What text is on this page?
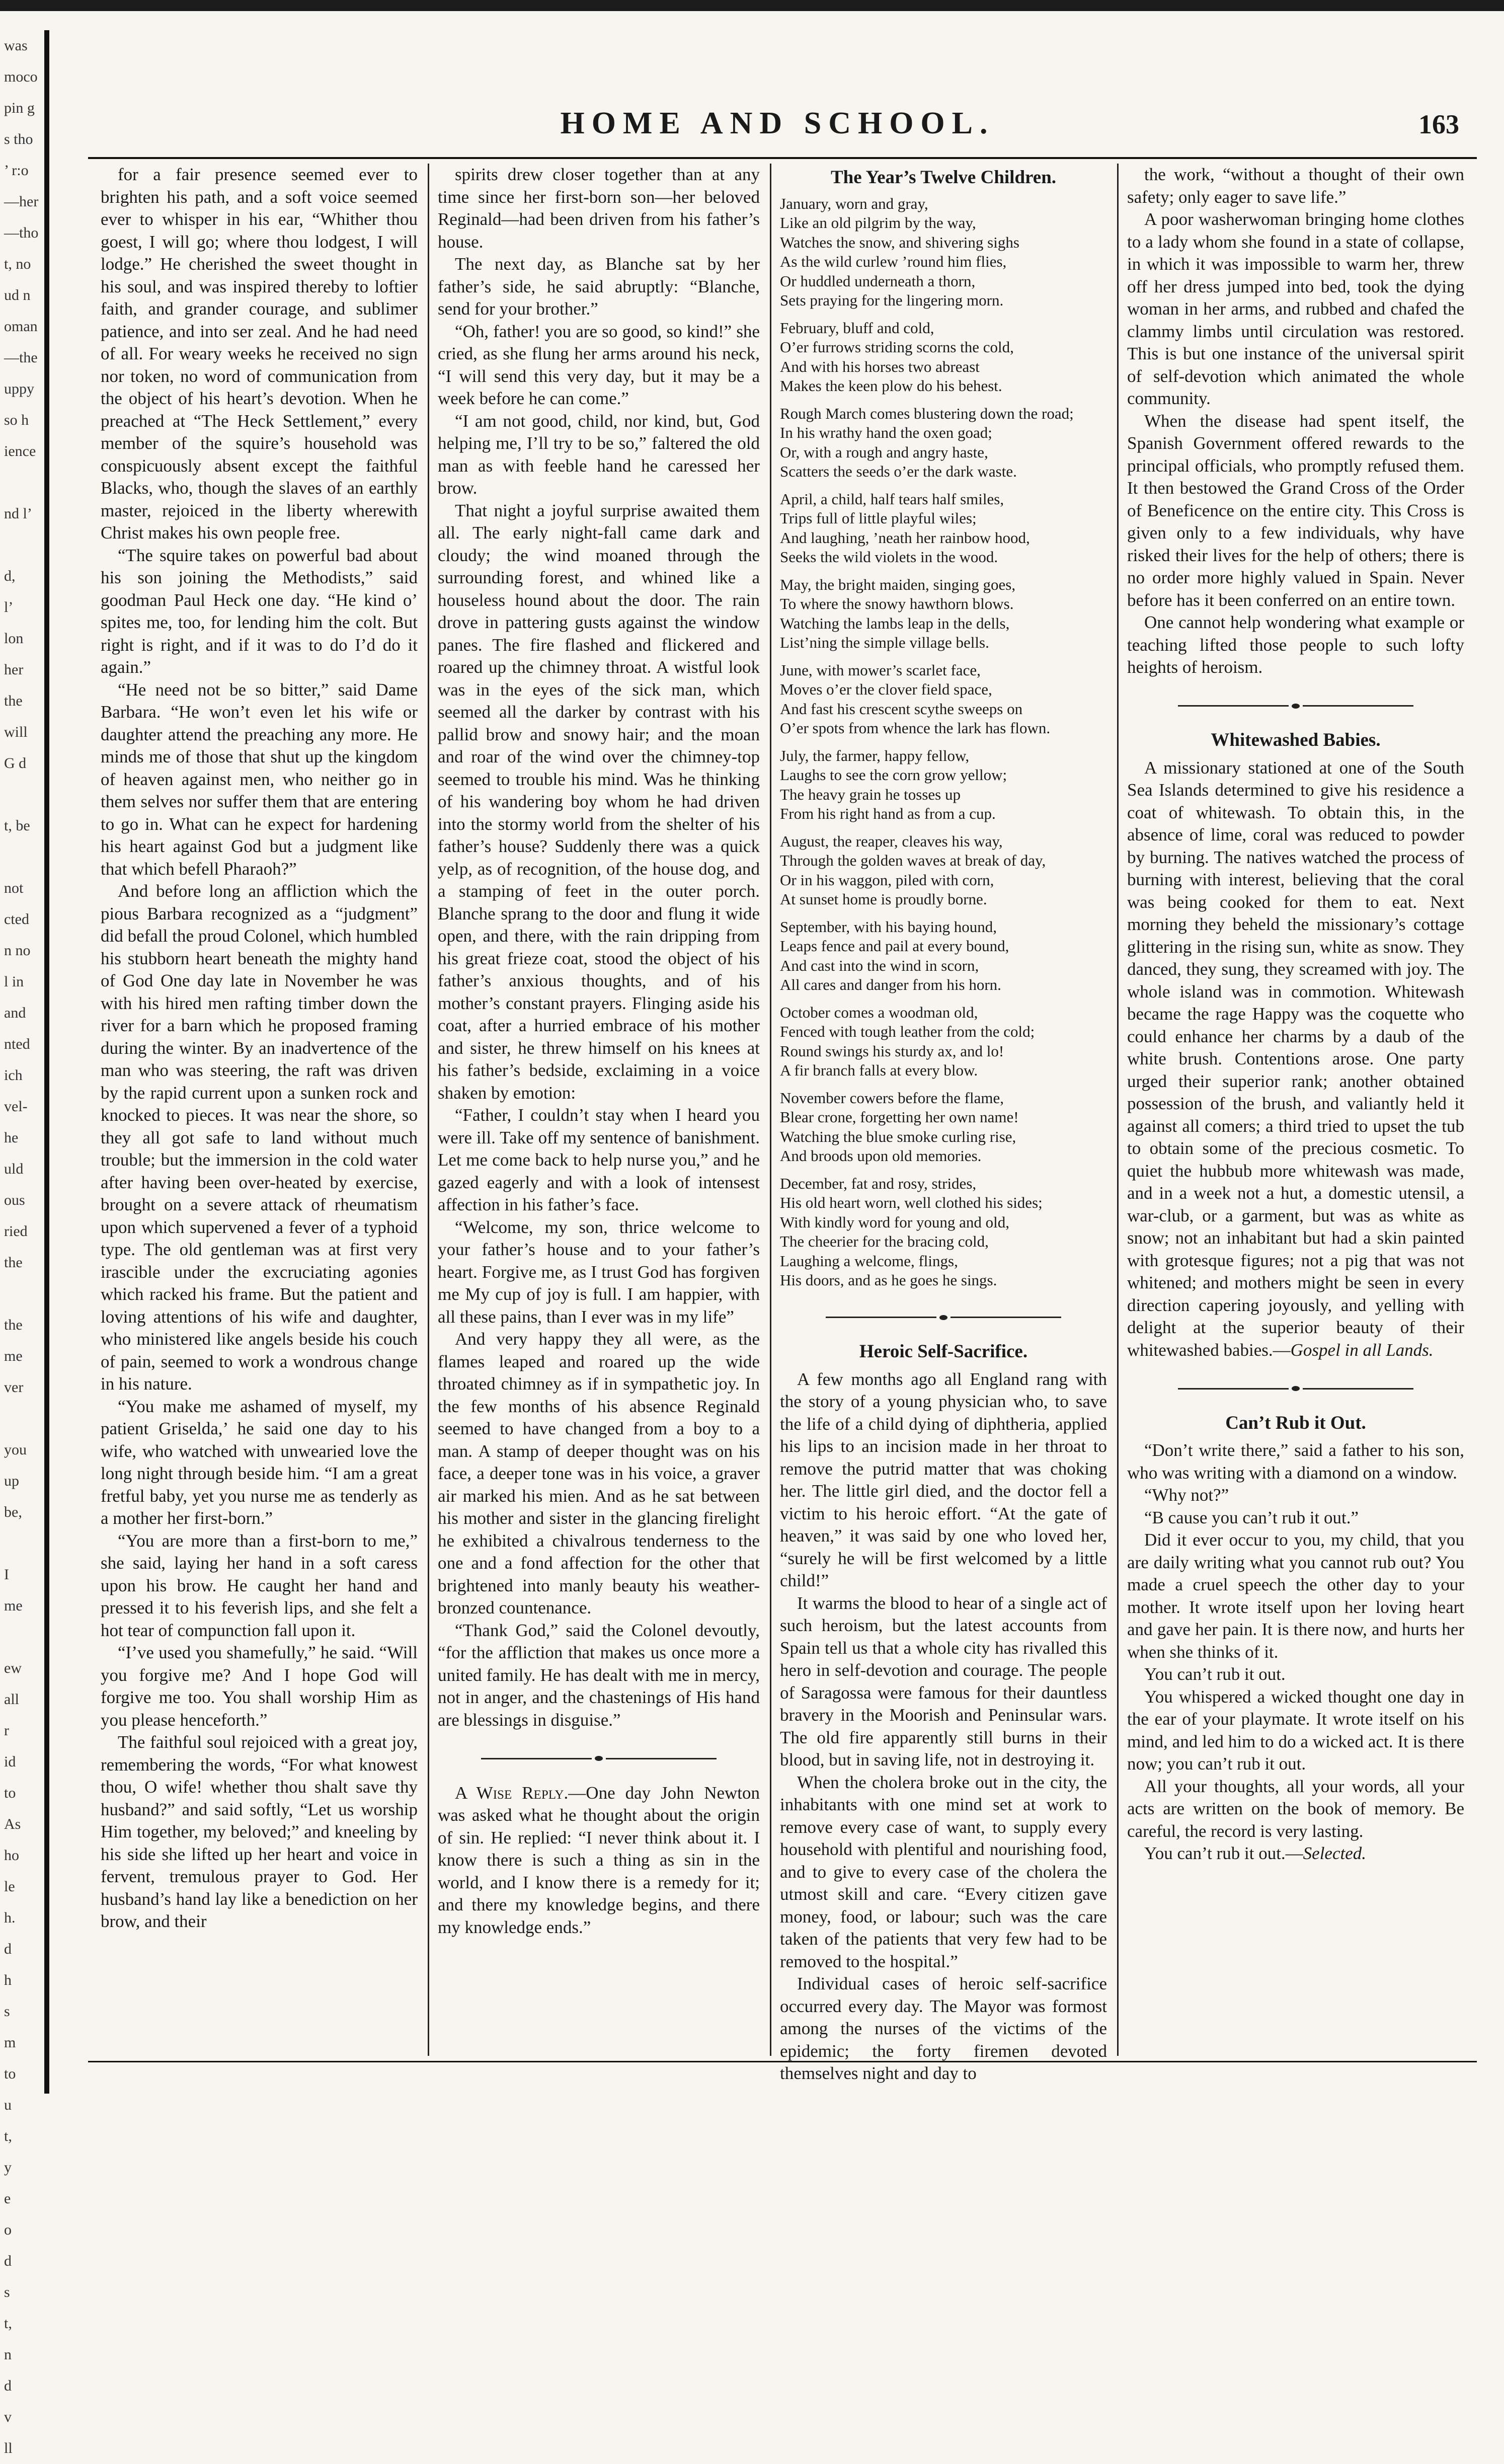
was
moco
pin g
s tho
’ r:o
—her
—tho
t, no
ud n
oman
—the
uppy
so h
ience

nd l’

d,
l’
lon
her
the
will
G d

t, be

not
cted
n no
l in
and
nted
ich
vel-
he
uld
ous
ried
the

the
me
ver

you
up
be,

I
me

ew
all
r
id
to
As
ho
le
h.
d
h
s
m
to
u
t,
y
e
o
d
s
t,
n
d
v
ll
HOME AND SCHOOL.	163

for a fair presence seemed ever to brighten his path, and a soft voice seemed ever to whisper in his ear, “Whither thou goest, I will go; where thou lodgest, I will lodge.” He cherished the sweet thought in his soul, and was inspired thereby to loftier faith, and grander courage, and sublimer patience, and into ser zeal. And he had need of all. For weary weeks he received no sign nor token, no word of communication from the object of his heart’s devotion. When he preached at “The Heck Settlement,” every member of the squire’s household was conspicuously absent except the faithful Blacks, who, though the slaves of an earthly master, rejoiced in the liberty wherewith Christ makes his own people free.

“The squire takes on powerful bad about his son joining the Methodists,” said goodman Paul Heck one day. “He kind o’ spites me, too, for lending him the colt. But right is right, and if it was to do I’d do it again.”

“He need not be so bitter,” said Dame Barbara. “He won’t even let his wife or daughter attend the preaching any more. He minds me of those that shut up the kingdom of heaven against men, who neither go in them selves nor suffer them that are entering to go in. What can he expect for hardening his heart against God but a judgment like that which befell Pharaoh?”

And before long an affliction which the pious Barbara recognized as a “judgment” did befall the proud Colonel, which humbled his stubborn heart beneath the mighty hand of God One day late in November he was with his hired men rafting timber down the river for a barn which he proposed framing during the winter. By an inadvertence of the man who was steering, the raft was driven by the rapid current upon a sunken rock and knocked to pieces. It was near the shore, so they all got safe to land without much trouble; but the immersion in the cold water after having been over-heated by exercise, brought on a severe attack of rheumatism upon which supervened a fever of a typhoid type. The old gentleman was at first very irascible under the excruciating agonies which racked his frame. But the patient and loving attentions of his wife and daughter, who ministered like angels beside his couch of pain, seemed to work a wondrous change in his nature.

“You make me ashamed of myself, my patient Griselda,’ he said one day to his wife, who watched with unwearied love the long night through beside him. “I am a great fretful baby, yet you nurse me as tenderly as a mother her first-born.”

“You are more than a first-born to me,” she said, laying her hand in a soft caress upon his brow. He caught her hand and pressed it to his feverish lips, and she felt a hot tear of compunction fall upon it.

“I’ve used you shamefully,” he said. “Will you forgive me? And I hope God will forgive me too. You shall worship Him as you please henceforth.”

The faithful soul rejoiced with a great joy, remembering the words, “For what knowest thou, O wife! whether thou shalt save thy husband?” and said softly, “Let us worship Him together, my beloved;” and kneeling by his side she lifted up her heart and voice in fervent, tremulous prayer to God. Her husband’s hand lay like a benediction on her brow, and their

spirits drew closer together than at any time since her first-born son—her beloved Reginald—had been driven from his father’s house.

The next day, as Blanche sat by her father’s side, he said abruptly: “Blanche, send for your brother.”

“Oh, father! you are so good, so kind!” she cried, as she flung her arms around his neck, “I will send this very day, but it may be a week before he can come.”

“I am not good, child, nor kind, but, God helping me, I’ll try to be so,” faltered the old man as with feeble hand he caressed her brow.

That night a joyful surprise awaited them all. The early night-fall came dark and cloudy; the wind moaned through the surrounding forest, and whined like a houseless hound about the door. The rain drove in pattering gusts against the window panes. The fire flashed and flickered and roared up the chimney throat. A wistful look was in the eyes of the sick man, which seemed all the darker by contrast with his pallid brow and snowy hair; and the moan and roar of the wind over the chimney-top seemed to trouble his mind. Was he thinking of his wandering boy whom he had driven into the stormy world from the shelter of his father’s house? Suddenly there was a quick yelp, as of recognition, of the house dog, and a stamping of feet in the outer porch. Blanche sprang to the door and flung it wide open, and there, with the rain dripping from his great frieze coat, stood the object of his father’s anxious thoughts, and of his mother’s constant prayers. Flinging aside his coat, after a hurried embrace of his mother and sister, he threw himself on his knees at his father’s bedside, exclaiming in a voice shaken by emotion:

“Father, I couldn’t stay when I heard you were ill. Take off my sentence of banishment. Let me come back to help nurse you,” and he gazed eagerly and with a look of intensest affection in his father’s face.

“Welcome, my son, thrice welcome to your father’s house and to your father’s heart. Forgive me, as I trust God has forgiven me My cup of joy is full. I am happier, with all these pains, than I ever was in my life”

And very happy they all were, as the flames leaped and roared up the wide throated chimney as if in sympathetic joy. In the few months of his absence Reginald seemed to have changed from a boy to a man. A stamp of deeper thought was on his face, a deeper tone was in his voice, a graver air marked his mien. And as he sat between his mother and sister in the glancing firelight he exhibited a chivalrous tenderness to the one and a fond affection for the other that brightened into manly beauty his weather-bronzed countenance.

“Thank God,” said the Colonel devoutly, “for the affliction that makes us once more a united family. He has dealt with me in mercy, not in anger, and the chastenings of His hand are blessings in disguise.”

A Wise Reply.—One day John Newton was asked what he thought about the origin of sin. He replied: “I never think about it. I know there is such a thing as sin in the world, and I know there is a remedy for it; and there my knowledge begins, and there my knowledge ends.”

The Year’s Twelve Children.
January, worn and gray,
Like an old pilgrim by the way,
Watches the snow, and shivering sighs
As the wild curlew ’round him flies,
Or huddled underneath a thorn,
Sets praying for the lingering morn.
February, bluff and cold,
O’er furrows striding scorns the cold,
And with his horses two abreast
Makes the keen plow do his behest.
Rough March comes blustering down the road;
In his wrathy hand the oxen goad;
Or, with a rough and angry haste,
Scatters the seeds o’er the dark waste.
April, a child, half tears half smiles,
Trips full of little playful wiles;
And laughing, ’neath her rainbow hood,
Seeks the wild violets in the wood.
May, the bright maiden, singing goes,
To where the snowy hawthorn blows.
Watching the lambs leap in the dells,
List’ning the simple village bells.
June, with mower’s scarlet face,
Moves o’er the clover field space,
And fast his crescent scythe sweeps on
O’er spots from whence the lark has flown.
July, the farmer, happy fellow,
Laughs to see the corn grow yellow;
The heavy grain he tosses up
From his right hand as from a cup.
August, the reaper, cleaves his way,
Through the golden waves at break of day,
Or in his waggon, piled with corn,
At sunset home is proudly borne.
September, with his baying hound,
Leaps fence and pail at every bound,
And cast into the wind in scorn,
All cares and danger from his horn.
October comes a woodman old,
Fenced with tough leather from the cold;
Round swings his sturdy ax, and lo!
A fir branch falls at every blow.
November cowers before the flame,
Blear crone, forgetting her own name!
Watching the blue smoke curling rise,
And broods upon old memories.
December, fat and rosy, strides,
His old heart worn, well clothed his sides;
With kindly word for young and old,
The cheerier for the bracing cold,
Laughing a welcome, flings,
His doors, and as he goes he sings.
Heroic Self-Sacrifice.

A few months ago all England rang with the story of a young physician who, to save the life of a child dying of diphtheria, applied his lips to an incision made in her throat to remove the putrid matter that was choking her. The little girl died, and the doctor fell a victim to his heroic effort. “At the gate of heaven,” it was said by one who loved her, “surely he will be first welcomed by a little child!”

It warms the blood to hear of a single act of such heroism, but the latest accounts from Spain tell us that a whole city has rivalled this hero in self-devotion and courage. The people of Saragossa were famous for their dauntless bravery in the Moorish and Peninsular wars. The old fire apparently still burns in their blood, but in saving life, not in destroying it.

When the cholera broke out in the city, the inhabitants with one mind set at work to remove every case of want, to supply every household with plentiful and nourishing food, and to give to every case of the cholera the utmost skill and care. “Every citizen gave money, food, or labour; such was the care taken of the patients that very few had to be removed to the hospital.”

Individual cases of heroic self-sacrifice occurred every day. The Mayor was formost among the nurses of the victims of the epidemic; the forty firemen devoted themselves night and day to

the work, “without a thought of their own safety; only eager to save life.”

A poor washerwoman bringing home clothes to a lady whom she found in a state of collapse, in which it was impossible to warm her, threw off her dress jumped into bed, took the dying woman in her arms, and rubbed and chafed the clammy limbs until circulation was restored. This is but one instance of the universal spirit of self-devotion which animated the whole community.

When the disease had spent itself, the Spanish Government offered rewards to the principal officials, who promptly refused them. It then bestowed the Grand Cross of the Order of Beneficence on the entire city. This Cross is given only to a few individuals, why have risked their lives for the help of others; there is no order more highly valued in Spain. Never before has it been conferred on an entire town.

One cannot help wondering what example or teaching lifted those people to such lofty heights of heroism.

Whitewashed Babies.

A missionary stationed at one of the South Sea Islands determined to give his residence a coat of whitewash. To obtain this, in the absence of lime, coral was reduced to powder by burning. The natives watched the process of burning with interest, believing that the coral was being cooked for them to eat. Next morning they beheld the missionary’s cottage glittering in the rising sun, white as snow. They danced, they sung, they screamed with joy. The whole island was in commotion. Whitewash became the rage Happy was the coquette who could enhance her charms by a daub of the white brush. Contentions arose. One party urged their superior rank; another obtained possession of the brush, and valiantly held it against all comers; a third tried to upset the tub to obtain some of the precious cosmetic. To quiet the hubbub more whitewash was made, and in a week not a hut, a domestic utensil, a war-club, or a garment, but was as white as snow; not an inhabitant but had a skin painted with grotesque figures; not a pig that was not whitened; and mothers might be seen in every direction capering joyously, and yelling with delight at the superior beauty of their whitewashed babies.—Gospel in all Lands.

Can’t Rub it Out.

“Don’t write there,” said a father to his son, who was writing with a diamond on a window.

“Why not?”

“B cause you can’t rub it out.”

Did it ever occur to you, my child, that you are daily writing what you cannot rub out? You made a cruel speech the other day to your mother. It wrote itself upon her loving heart and gave her pain. It is there now, and hurts her when she thinks of it.

You can’t rub it out.

You whispered a wicked thought one day in the ear of your playmate. It wrote itself on his mind, and led him to do a wicked act. It is there now; you can’t rub it out.

All your thoughts, all your words, all your acts are written on the book of memory. Be careful, the record is very lasting.

You can’t rub it out.—Selected.
